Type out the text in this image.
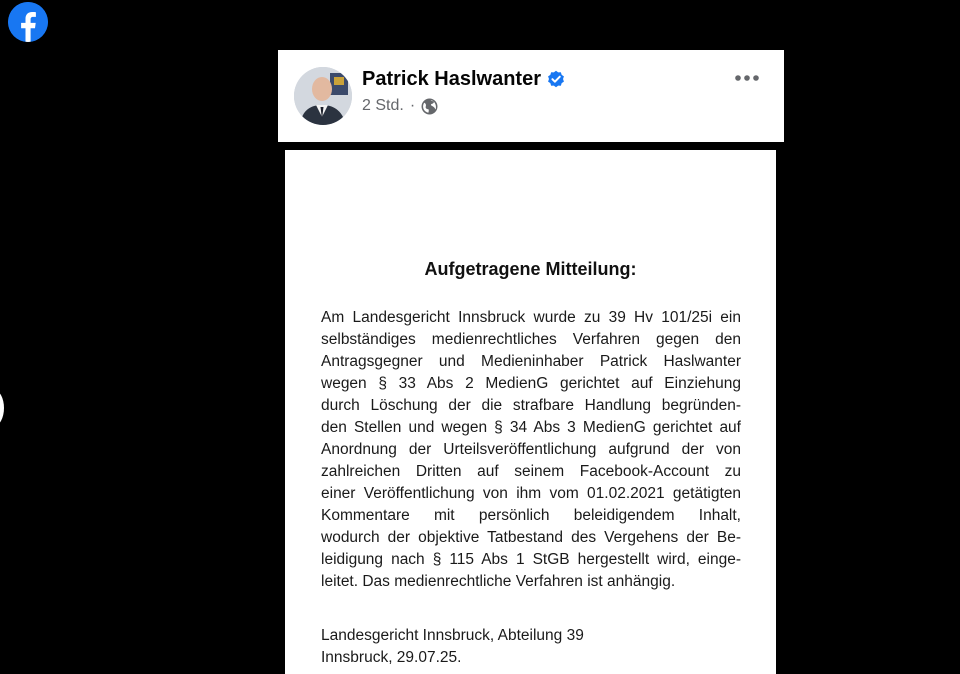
Patrick Haslwanter
2 Std. ·
Aufgetragene Mitteilung:
Am Landesgericht Innsbruck wurde zu 39 Hv 101/25i ein
selbständiges medienrechtliches Verfahren gegen den
Antragsgegner und Medieninhaber Patrick Haslwanter
wegen § 33 Abs 2 MedienG gerichtet auf Einziehung
durch Löschung der die strafbare Handlung begründen-
den Stellen und wegen § 34 Abs 3 MedienG gerichtet auf
Anordnung der Urteilsveröffentlichung aufgrund der von
zahlreichen Dritten auf seinem Facebook-Account zu
einer Veröffentlichung von ihm vom 01.02.2021 getätigten
Kommentare mit persönlich beleidigendem Inhalt,
wodurch der objektive Tatbestand des Vergehens der Be-
leidigung nach § 115 Abs 1 StGB hergestellt wird, einge-
leitet. Das medienrechtliche Verfahren ist anhängig.
Landesgericht Innsbruck, Abteilung 39
Innsbruck, 29.07.25.
